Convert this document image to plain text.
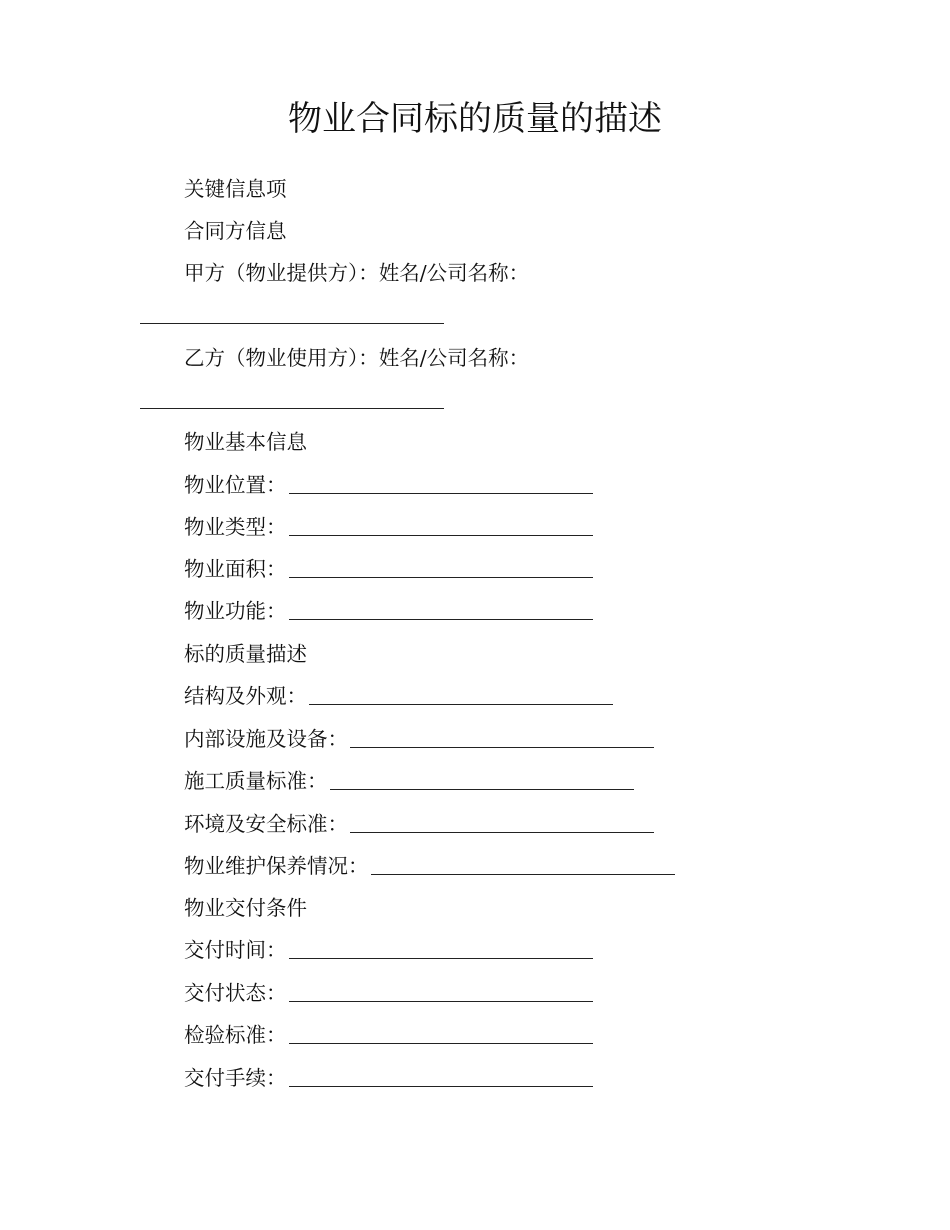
物业合同标的质量的描述
关键信息项
合同方信息
甲方（物业提供方）：姓名/公司名称：
乙方（物业使用方）：姓名/公司名称：
物业基本信息
物业位置：
物业类型：
物业面积：
物业功能：
标的质量描述
结构及外观：
内部设施及设备：
施工质量标准：
环境及安全标准：
物业维护保养情况：
物业交付条件
交付时间：
交付状态：
检验标准：
交付手续：
